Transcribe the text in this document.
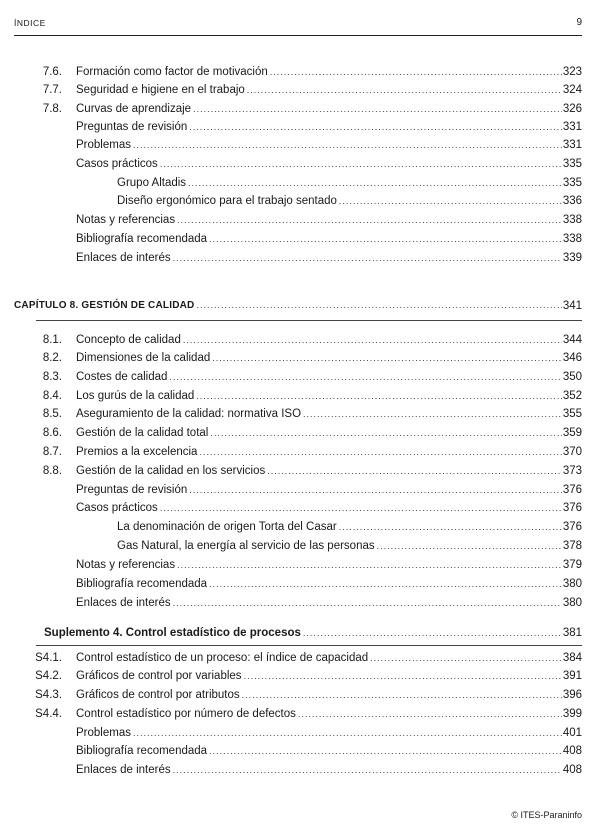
ÍNDICE	9
7.6. Formación como factor de motivación .....	323
7.7. Seguridad e higiene en el trabajo .....	324
7.8. Curvas de aprendizaje .....	326
Preguntas de revisión .....	331
Problemas .....	331
Casos prácticos .....	335
Grupo Altadis .....	335
Diseño ergonómico para el trabajo sentado .....	336
Notas y referencias .....	338
Bibliografía recomendada .....	338
Enlaces de interés .....	339
CAPÍTULO 8. GESTIÓN DE CALIDAD .....	341
8.1. Concepto de calidad .....	344
8.2. Dimensiones de la calidad .....	346
8.3. Costes de calidad .....	350
8.4. Los gurús de la calidad .....	352
8.5. Aseguramiento de la calidad: normativa ISO .....	355
8.6. Gestión de la calidad total .....	359
8.7. Premios a la excelencia .....	370
8.8. Gestión de la calidad en los servicios .....	373
Preguntas de revisión .....	376
Casos prácticos .....	376
La denominación de origen Torta del Casar .....	376
Gas Natural, la energía al servicio de las personas .....	378
Notas y referencias .....	379
Bibliografía recomendada .....	380
Enlaces de interés .....	380
Suplemento 4. Control estadístico de procesos .....	381
S4.1. Control estadístico de un proceso: el índice de capacidad .....	384
S4.2. Gráficos de control por variables .....	391
S4.3. Gráficos de control por atributos .....	396
S4.4. Control estadístico por número de defectos .....	399
Problemas .....	401
Bibliografía recomendada .....	408
Enlaces de interés .....	408
© ITES-Paraninfo
